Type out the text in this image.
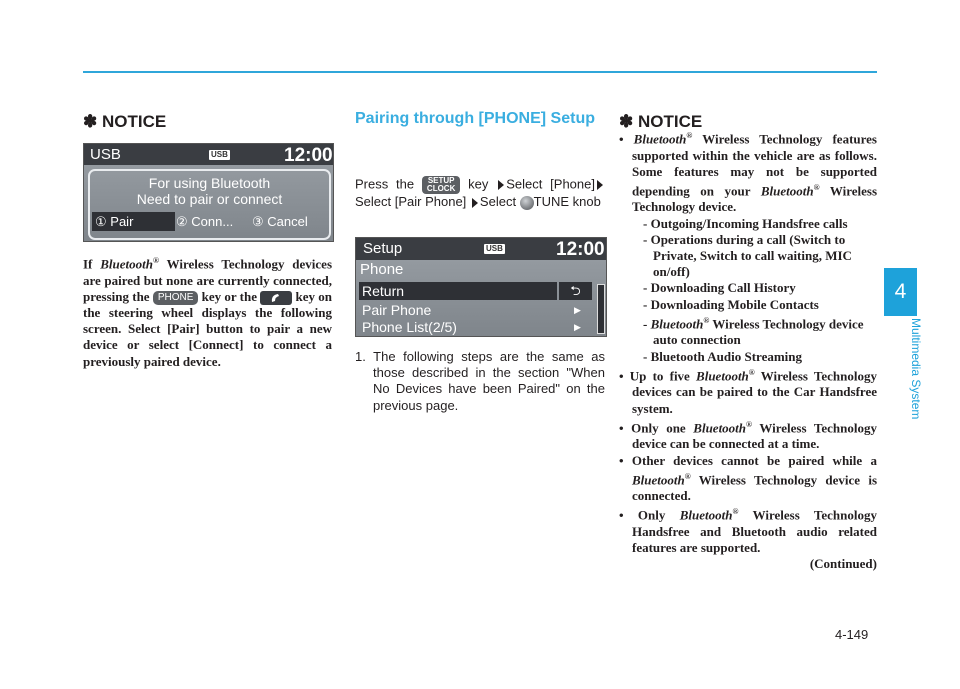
4
Multimedia System
✽ NOTICE
USB	USB	12:00
For using Bluetooth
Need to pair or connect
① Pair	② Conn... ③ Cancel
If Bluetooth® Wireless Technology devices are paired but none are currently connected, pressing the PHONE key or the  key on the steering wheel displays the following screen. Select [Pair] button to pair a new device or select [Connect] to connect a previously paired device.
Pairing through [PHONE] Setup
Press the SETUP
CLOCK key Select [Phone]Select [Pair Phone] Select TUNE knob
Setup	USB	12:00
Phone
Return	⮌
Pair Phone	▶
Phone List(2/5)	▶
1. The following steps are the same as those described in the section "When No Devices have been Paired" on the previous page.
✽ NOTICE
• Bluetooth® Wireless Technology features supported within the vehicle are as follows. Some features may not be supported depending on your Bluetooth® Wireless Technology device.
- Outgoing/Incoming Handsfree calls
- Operations during a call (Switch to Private, Switch to call waiting, MIC on/off)
- Downloading Call History
- Downloading Mobile Contacts
- Bluetooth® Wireless Technology device auto connection
- Bluetooth Audio Streaming
• Up to five Bluetooth® Wireless Technology devices can be paired to the Car Handsfree system.
• Only one Bluetooth® Wireless Technology device can be connected at a time.
• Other devices cannot be paired while a Bluetooth® Wireless Technology device is connected.
• Only Bluetooth® Wireless Technology Handsfree and Bluetooth audio related features are supported.
(Continued)
4-149
